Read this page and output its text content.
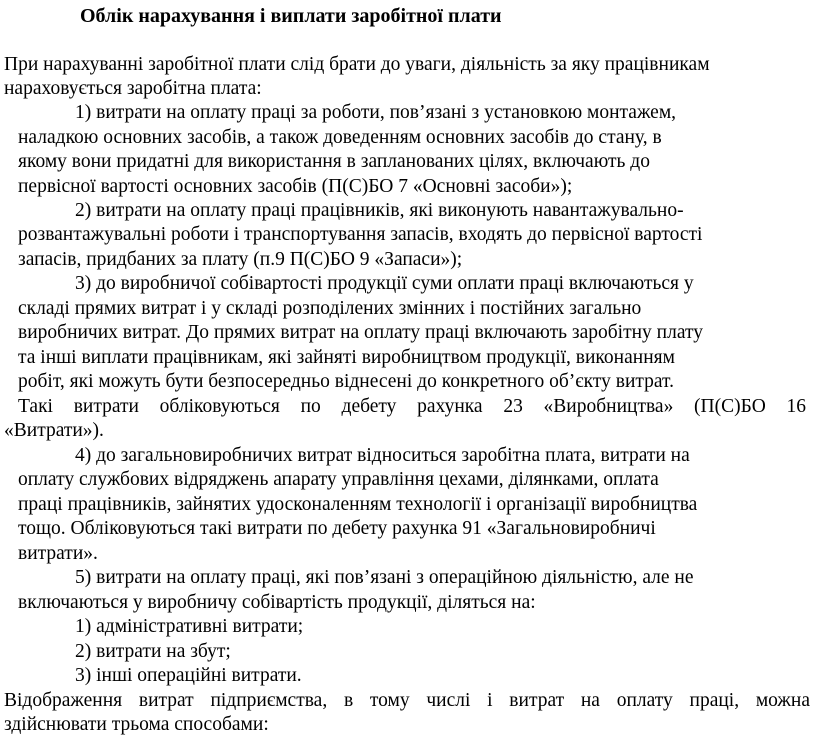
Облік нарахування і виплати заробітної плати
При нарахуванні заробітної плати слід брати до уваги, діяльність за яку працівникам
нараховується заробітна плата:
1) витрати на оплату праці за роботи, пов’язані з установкою монтажем,
наладкою основних засобів, а також доведенням основних засобів до стану, в
якому вони придатні для використання в запланованих цілях, включають до
первісної вартості основних засобів (П(С)БО 7 «Основні засоби»);
2) витрати на оплату праці працівників, які виконують навантажувально-
розвантажувальні роботи і транспортування запасів, входять до первісної вартості
запасів, придбаних за плату (п.9 П(С)БО 9 «Запаси»);
3) до виробничої собівартості продукції суми оплати праці включаються у
складі прямих витрат і у складі розподілених змінних і постійних загально
виробничих витрат. До прямих витрат на оплату праці включають заробітну плату
та інші виплати працівникам, які зайняті виробництвом продукції, виконанням
робіт, які можуть бути безпосередньо віднесені до конкретного об’єкту витрат.
Такі витрати обліковуються по дебету рахунка 23 «Виробництва» (П(С)БО 16
«Витрати»).
4) до загальновиробничих витрат відноситься заробітна плата, витрати на
оплату службових відряджень апарату управління цехами, ділянками, оплата
праці працівників, зайнятих удосконаленням технології і організації виробництва
тощо. Обліковуються такі витрати по дебету рахунка 91 «Загальновиробничі
витрати».
5) витрати на оплату праці, які пов’язані з операційною діяльністю, але не
включаються у виробничу собівартість продукції, діляться на:
1) адміністративні витрати;
2) витрати на збут;
3) інші операційні витрати.
Відображення витрат підприємства, в тому числі і витрат на оплату праці, можна
здійснювати трьома способами:
